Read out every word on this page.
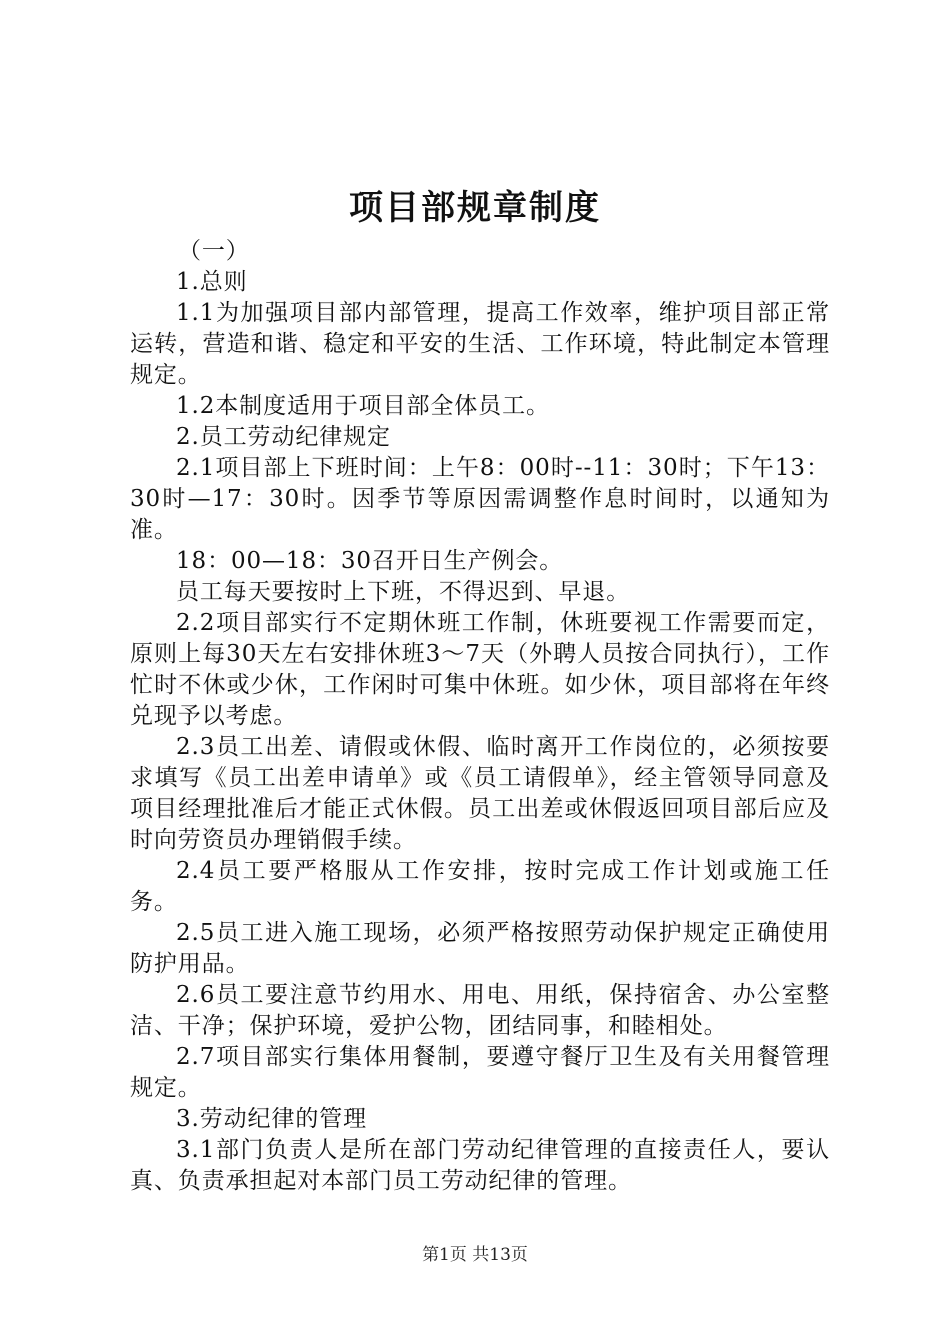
项目部规章制度

（一）

1.总则

1.1为加强项目部内部管理，提高工作效率，维护项目部正常运转，营造和谐、稳定和平安的生活、工作环境，特此制定本管理规定。

1.2本制度适用于项目部全体员工。

2.员工劳动纪律规定

2.1项目部上下班时间：上午8：00时--11：30时；下午13：30时—17：30时。因季节等原因需调整作息时间时，以通知为准。

18：00—18：30召开日生产例会。

员工每天要按时上下班，不得迟到、早退。

2.2项目部实行不定期休班工作制，休班要视工作需要而定，原则上每30天左右安排休班3～7天（外聘人员按合同执行），工作忙时不休或少休，工作闲时可集中休班。如少休，项目部将在年终兑现予以考虑。

2.3员工出差、请假或休假、临时离开工作岗位的，必须按要求填写《员工出差申请单》或《员工请假单》，经主管领导同意及项目经理批准后才能正式休假。员工出差或休假返回项目部后应及时向劳资员办理销假手续。

2.4员工要严格服从工作安排，按时完成工作计划或施工任务。

2.5员工进入施工现场，必须严格按照劳动保护规定正确使用防护用品。

2.6员工要注意节约用水、用电、用纸，保持宿舍、办公室整洁、干净；保护环境，爱护公物，团结同事，和睦相处。

2.7项目部实行集体用餐制，要遵守餐厅卫生及有关用餐管理规定。

3.劳动纪律的管理

3.1部门负责人是所在部门劳动纪律管理的直接责任人，要认真、负责承担起对本部门员工劳动纪律的管理。

第1页 共13页
